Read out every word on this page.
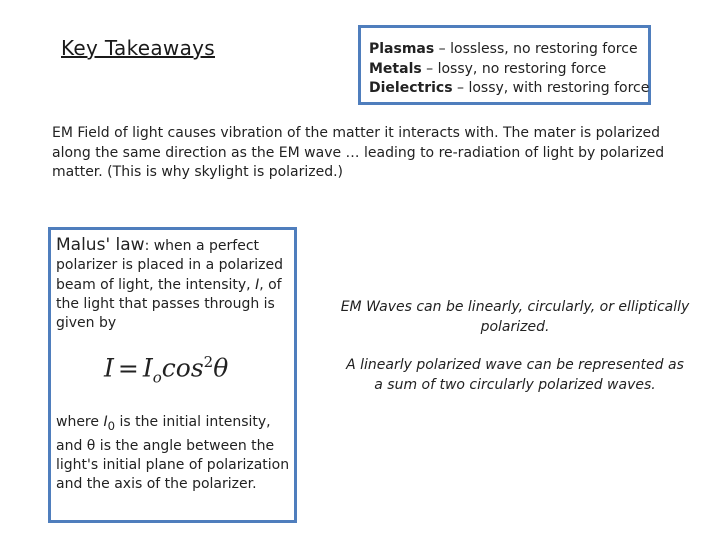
Key Takeaways	Plasmas – lossless, no restoring force
Metals – lossy, no restoring force
Dielectrics – lossy, with restoring force
EM Field of light causes vibration of the matter it interacts with. The mater is polarized along the same direction as the EM wave … leading to re-radiation of light by polarized matter. (This is why skylight is polarized.)
Malus' law: when a perfect
polarizer is placed in a polarized beam of light, the intensity, I, of the light that passes through is given by
$I = I_o\cos^2\theta$
where $I_0$ is the initial intensity, and θ is the angle between the light's initial plane of polarization and the axis of the polarizer.
EM Waves can be linearly, circularly, or elliptically polarized.
A linearly polarized wave can be represented as a sum of two circularly polarized waves.
